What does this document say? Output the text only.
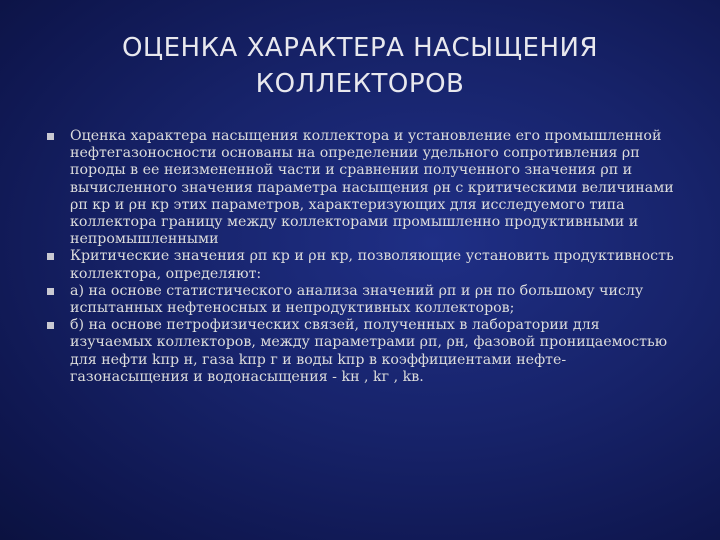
ОЦЕНКА ХАРАКТЕРА НАСЫЩЕНИЯ
КОЛЛЕКТОРОВ
Оценка характера насыщения коллектора и установление его промышленной нефтегазоносности основаны на определении удельного сопротивления ρп породы в ее неизмененной части и сравнении полученного значения ρп и вычисленного значения параметра насыщения ρн с критическими величинами ρп кр и ρн кр этих параметров, характеризующих для исследуемого типа коллектора границу между коллекторами промышленно продуктивными и непромышленными
Критические значения ρп кр и ρн кр, позволяющие установить продуктивность коллектора, определяют:
а) на основе статистического анализа значений ρп и ρн по большому числу испытанных нефтеносных и непродуктивных коллекторов;
б) на основе петрофизических связей, полученных в лаборатории для изучаемых коллекторов, между параметрами ρп, ρн, фазовой проницаемостью для нефти kпр н, газа kпр г и воды kпр в коэффициентами нефте-газонасыщения и водонасыщения - kн , kг , kв.
